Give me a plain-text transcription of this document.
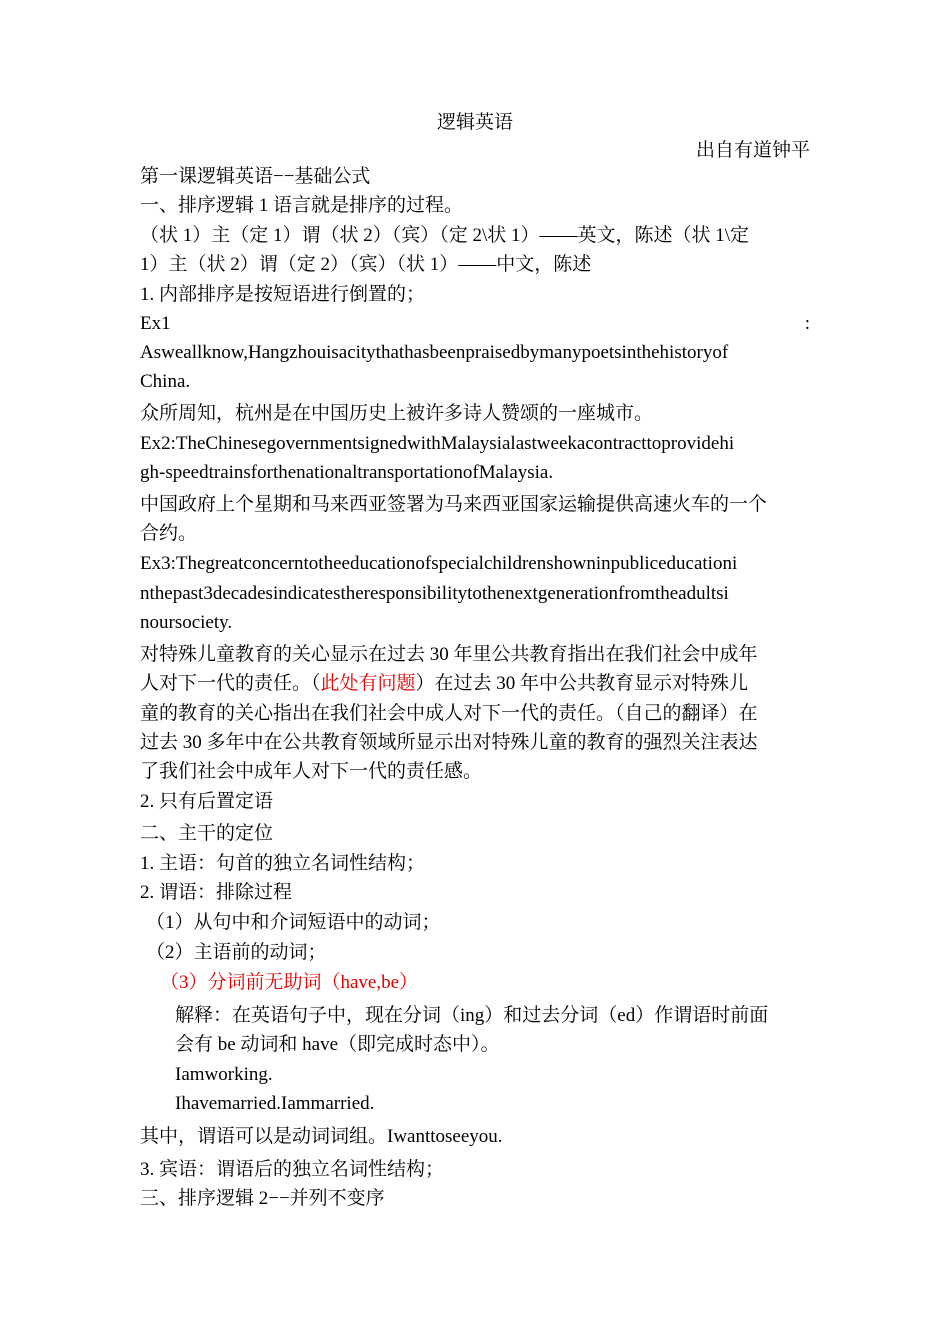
逻辑英语
出自有道钟平
第一课逻辑英语−−基础公式
一、排序逻辑 1 语言就是排序的过程。
（状 1）主（定 1）谓（状 2）（宾）（定 2\状 1）——英文，陈述（状 1\定
1）主（状 2）谓（定 2）（宾）（状 1）——中文，陈述
1. 内部排序是按短语进行倒置的；
Ex1	:
Asweallknow,Hangzhouisacitythathasbeenpraisedbymanypoetsinthehistoryof
China.
众所周知，杭州是在中国历史上被许多诗人赞颂的一座城市。
Ex2:TheChinesegovernmentsignedwithMalaysialastweekacontracttoprovidehi
gh-speedtrainsforthenationaltransportationofMalaysia.
中国政府上个星期和马来西亚签署为马来西亚国家运输提供高速火车的一个
合约。
Ex3:Thegreatconcerntotheeducationofspecialchildrenshowninpubliceducationi
nthepast3decadesindicatestheresponsibilitytothenextgenerationfromtheadultsi
noursociety.
对特殊儿童教育的关心显示在过去 30 年里公共教育指出在我们社会中成年
人对下一代的责任。（此处有问题）在过去 30 年中公共教育显示对特殊儿
童的教育的关心指出在我们社会中成人对下一代的责任。（自己的翻译）在
过去 30 多年中在公共教育领域所显示出对特殊儿童的教育的强烈关注表达
了我们社会中成年人对下一代的责任感。
2. 只有后置定语
二、主干的定位
1. 主语：句首的独立名词性结构；
2. 谓语：排除过程
（1）从句中和介词短语中的动词；
（2）主语前的动词；
（3）分词前无助词（have,be）
解释：在英语句子中，现在分词（ing）和过去分词（ed）作谓语时前面
会有 be 动词和 have（即完成时态中）。
Iamworking.
Ihavemarried.Iammarried.
其中，谓语可以是动词词组。Iwanttoseeyou.
3. 宾语：谓语后的独立名词性结构；
三、排序逻辑 2−−并列不变序
